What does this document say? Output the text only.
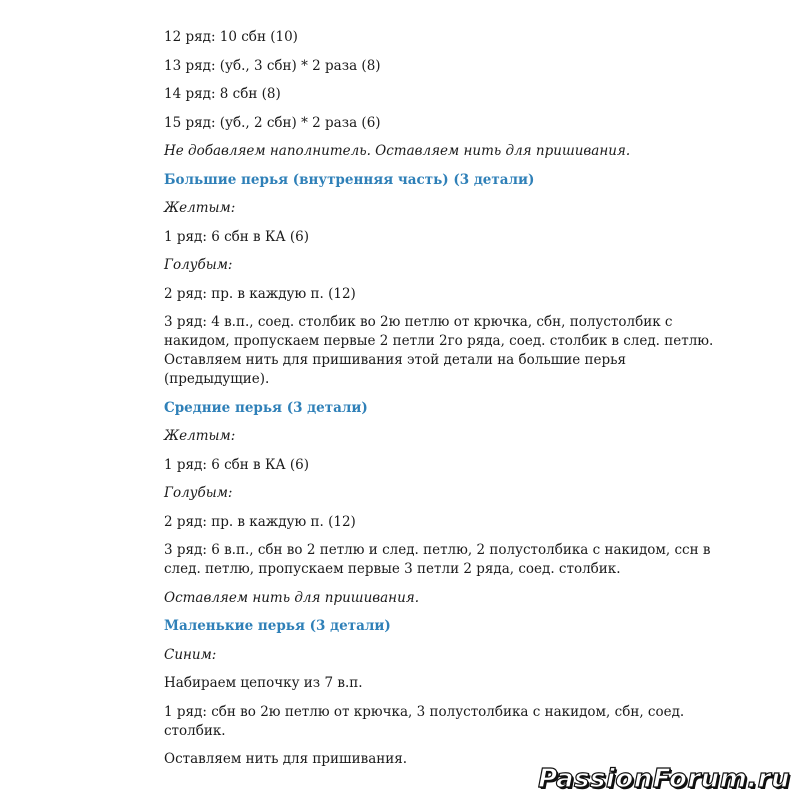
12 ряд: 10 сбн (10)

13 ряд: (уб., 3 сбн) * 2 раза (8)

14 ряд: 8 сбн (8)

15 ряд: (уб., 2 сбн) * 2 раза (6)

Не добавляем наполнитель. Оставляем нить для пришивания.

Большие перья (внутренняя часть) (3 детали)

Желтым:

1 ряд: 6 сбн в КА (6)

Голубым:

2 ряд: пр. в каждую п. (12)

3 ряд: 4 в.п., соед. столбик во 2ю петлю от крючка, сбн, полустолбик с накидом, пропускаем первые 2 петли 2го ряда, соед. столбик в след. петлю. Оставляем нить для пришивания этой детали на большие перья (предыдущие).

Средние перья (3 детали)

Желтым:

1 ряд: 6 сбн в КА (6)

Голубым:

2 ряд: пр. в каждую п. (12)

3 ряд: 6 в.п., сбн во 2 петлю и след. петлю, 2 полустолбика с накидом, ссн в след. петлю, пропускаем первые 3 петли 2 ряда, соед. столбик.

Оставляем нить для пришивания.

Маленькие перья (3 детали)

Синим:

Набираем цепочку из 7 в.п.

1 ряд: сбн во 2ю петлю от крючка, 3 полустолбика с накидом, сбн, соед. столбик.

Оставляем нить для пришивания.

PassionForum.ru
